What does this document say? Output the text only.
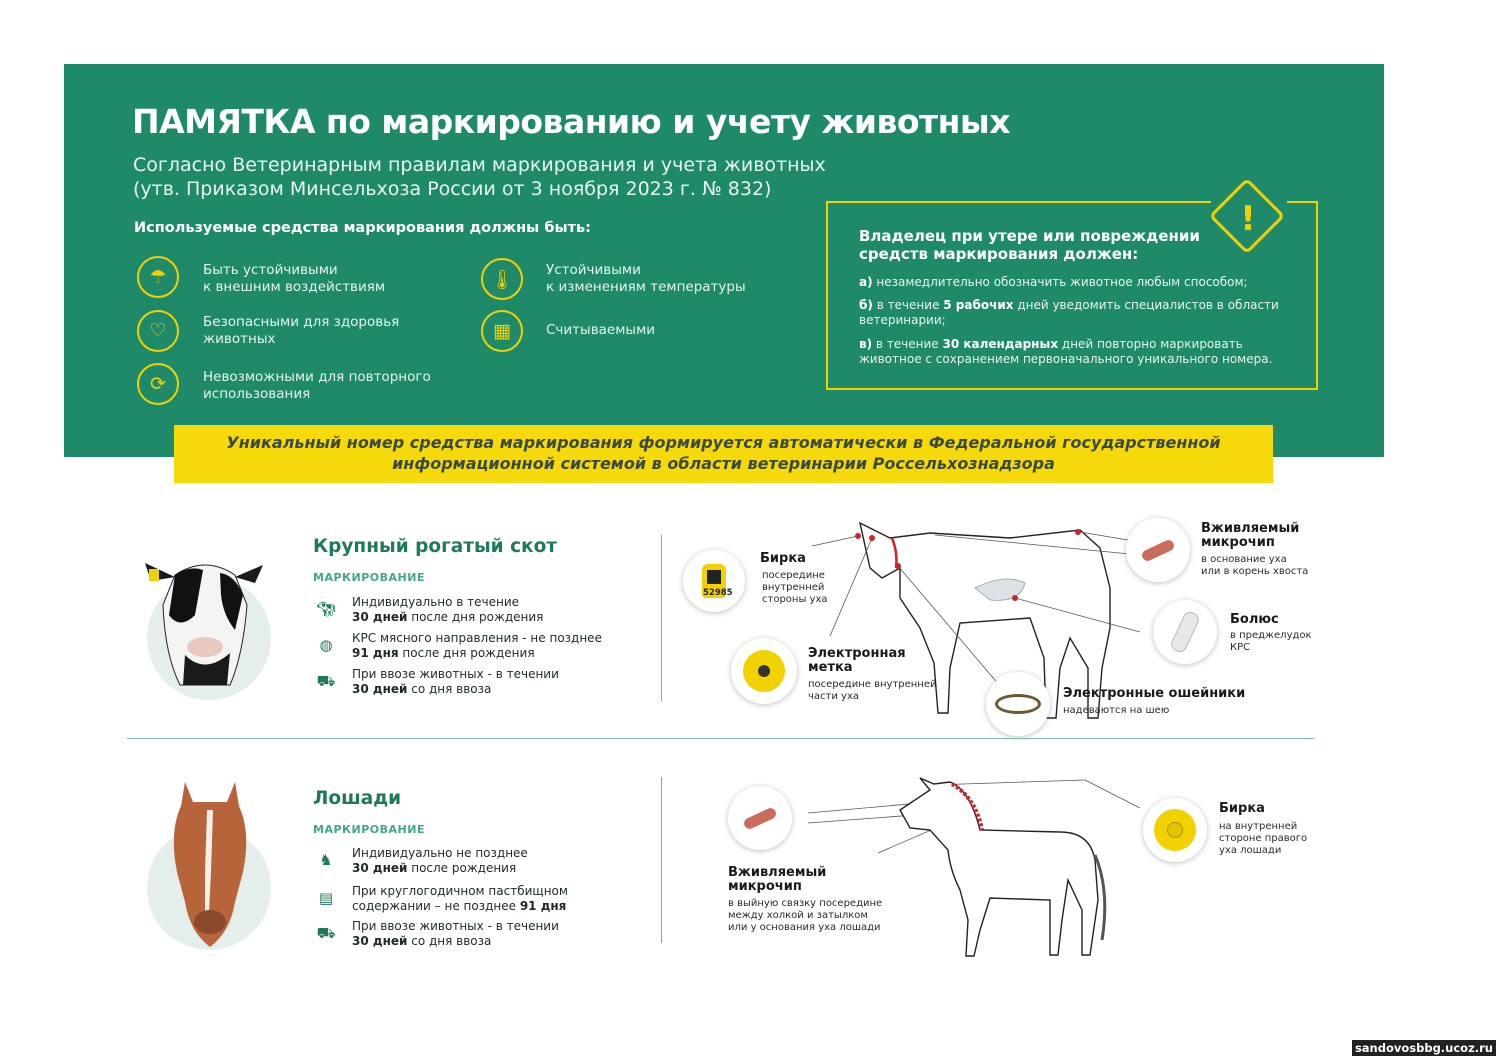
ПАМЯТКА по маркированию и учету животных
Согласно Ветеринарным правилам маркирования и учета животных
(утв. Приказом Минсельхоза России от 3 ноября 2023 г. № 832)
Используемые средства маркирования должны быть:
☂	Быть устойчивыми
к внешним воздействиям
♡	Безопасными для здоровья
животных
⟳	Невозможными для повторного
использования
🌡︎	Устойчивыми
к изменениям температуры
▦	Считываемыми
!
Владелец при утере или повреждении средств маркирования должен:
а) незамедлительно обозначить животное любым способом;
б) в течение 5 рабочих дней уведомить специалистов в области ветеринарии;
в) в течение 30 календарных дней повторно маркировать животное с сохранением первоначального уникального номера.
Уникальный номер средства маркирования формируется автоматически в Федеральной государственной информационной системой в области ветеринарии Россельхознадзора
Крупный рогатый скот
МАРКИРОВАНИЕ
🐄︎ Индивидуально в течение
30 дней после дня рождения
◍	КРС мясного направления - не позднее
91 дня после дня рождения
⛟ При ввозе животных - в течении
30 дней со дня ввоза
52985
Бирка
посередине
внутренней
стороны уха
Электронная
метка
посередине внутренней
части уха
Вживляемый
микрочип
в основание уха
или в корень хвоста
Болюс
в преджелудок
КРС
Электронные ошейники
надеваются на шею
Лошади
МАРКИРОВАНИЕ
♞	Индивидуально не позднее
30 дней после рождения
▤	При круглогодичном пастбищном
содержании – не позднее 91 дня
⛟ При ввозе животных - в течении
30 дней со дня ввоза
Вживляемый
микрочип
в выйную связку посередине
между холкой и затылком
или у основания уха лошади
Бирка
на внутренней
стороне правого
уха лошади
sandovosbbg.ucoz.ru
